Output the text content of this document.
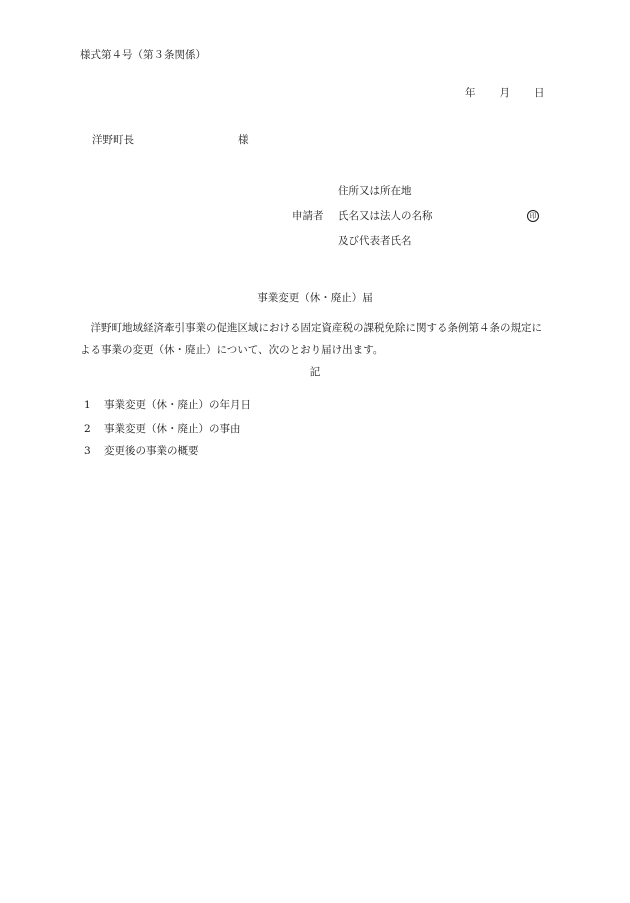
様式第４号（第３条関係）
年 月 日
洋野町長	様
住所又は所在地
申請者 氏名又は法人の名称	印
及び代表者氏名
事業変更（休・廃止）届
洋野町地域経済牽引事業の促進区域における固定資産税の課税免除に関する条例第４条の規定による事業の変更（休・廃止）について、次のとおり届け出ます。
記
1 事業変更（休・廃止）の年月日
2 事業変更（休・廃止）の事由
3 変更後の事業の概要
